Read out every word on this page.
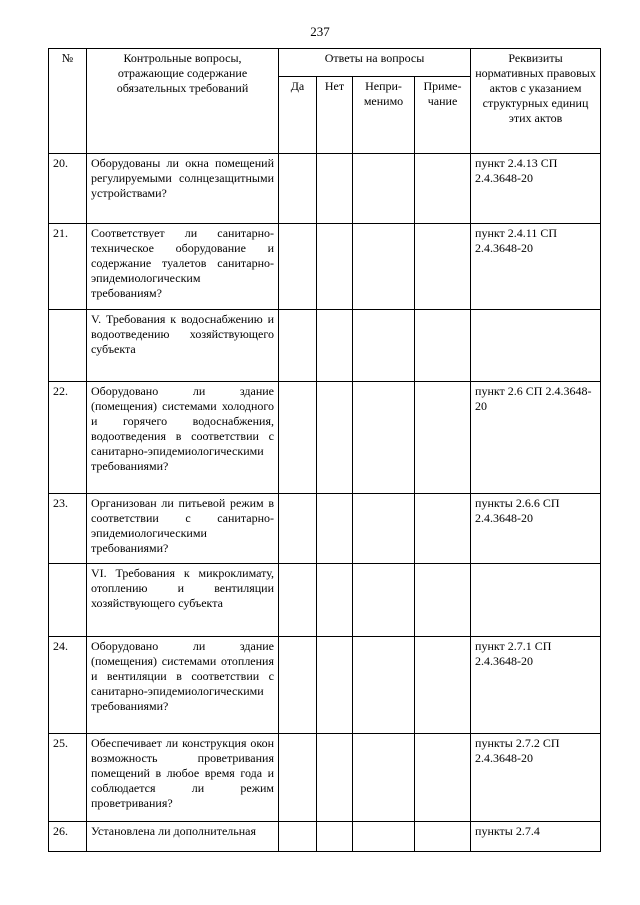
237
№	Контрольные вопросы, отражающие содержание обязательных требований	Ответы на вопросы				Реквизиты нормативных правовых актов с указанием структурных единиц этих актов
		Да	Нет	Непри-менимо	Приме-чание	
20.	Оборудованы ли окна помещений регулируемыми солнцезащитными устройствами?					пункт 2.4.13 СП 2.4.3648-20
21.	Соответствует ли санитарно-техническое оборудование и содержание туалетов санитарно-эпидемиологическим требованиям?					пункт 2.4.11 СП 2.4.3648-20
	V. Требования к водоснабжению и водоотведению хозяйствующего субъекта					
22.	Оборудовано ли здание (помещения) системами холодного и горячего водоснабжения, водоотведения в соответствии с санитарно-эпидемиологическими требованиями?					пункт 2.6 СП 2.4.3648-20
23.	Организован ли питьевой режим в соответствии с санитарно-эпидемиологическими требованиями?					пункты 2.6.6 СП 2.4.3648-20
	VI. Требования к микроклимату, отоплению и вентиляции хозяйствующего субъекта					
24.	Оборудовано ли здание (помещения) системами отопления и вентиляции в соответствии с санитарно-эпидемиологическими требованиями?					пункт 2.7.1 СП 2.4.3648-20
25.	Обеспечивает ли конструкция окон возможность проветривания помещений в любое время года и соблюдается ли режим проветривания?					пункты 2.7.2 СП 2.4.3648-20
26.	Установлена ли дополнительная					пункты 2.7.4
